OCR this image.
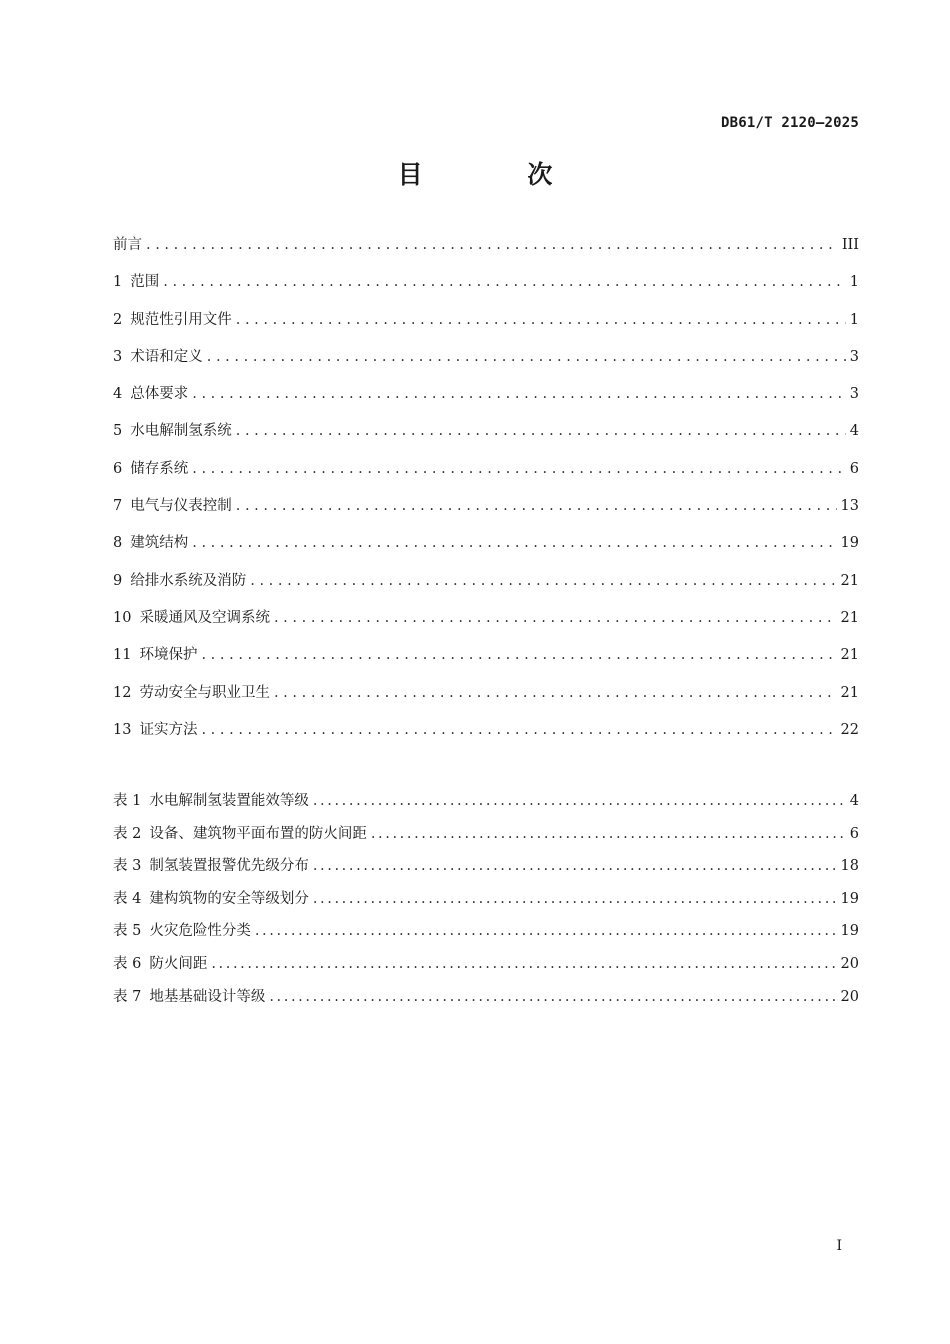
DB61/T 2120—2025
目 次
前言 . . .	III
1 范围 . . .	1
2 规范性引用文件 . . .	1
3 术语和定义 . . .	3
4 总体要求 . . .	3
5 水电解制氢系统 . . .	4
6 储存系统 . . .	6
7 电气与仪表控制 . . .	13
8 建筑结构 . . .	19
9 给排水系统及消防 . . .	21
10 采暖通风及空调系统 . . .	21
11 环境保护 . . .	21
12 劳动安全与职业卫生 . . .	21
13 证实方法 . . .	22
表 1 水电解制氢装置能效等级 .....	4
表 2 设备、建筑物平面布置的防火间距 .....	6
表 3 制氢装置报警优先级分布 .....	18
表 4 建构筑物的安全等级划分 .....	19
表 5 火灾危险性分类 .....	19
表 6 防火间距 .....	20
表 7 地基基础设计等级 .....	20
I
